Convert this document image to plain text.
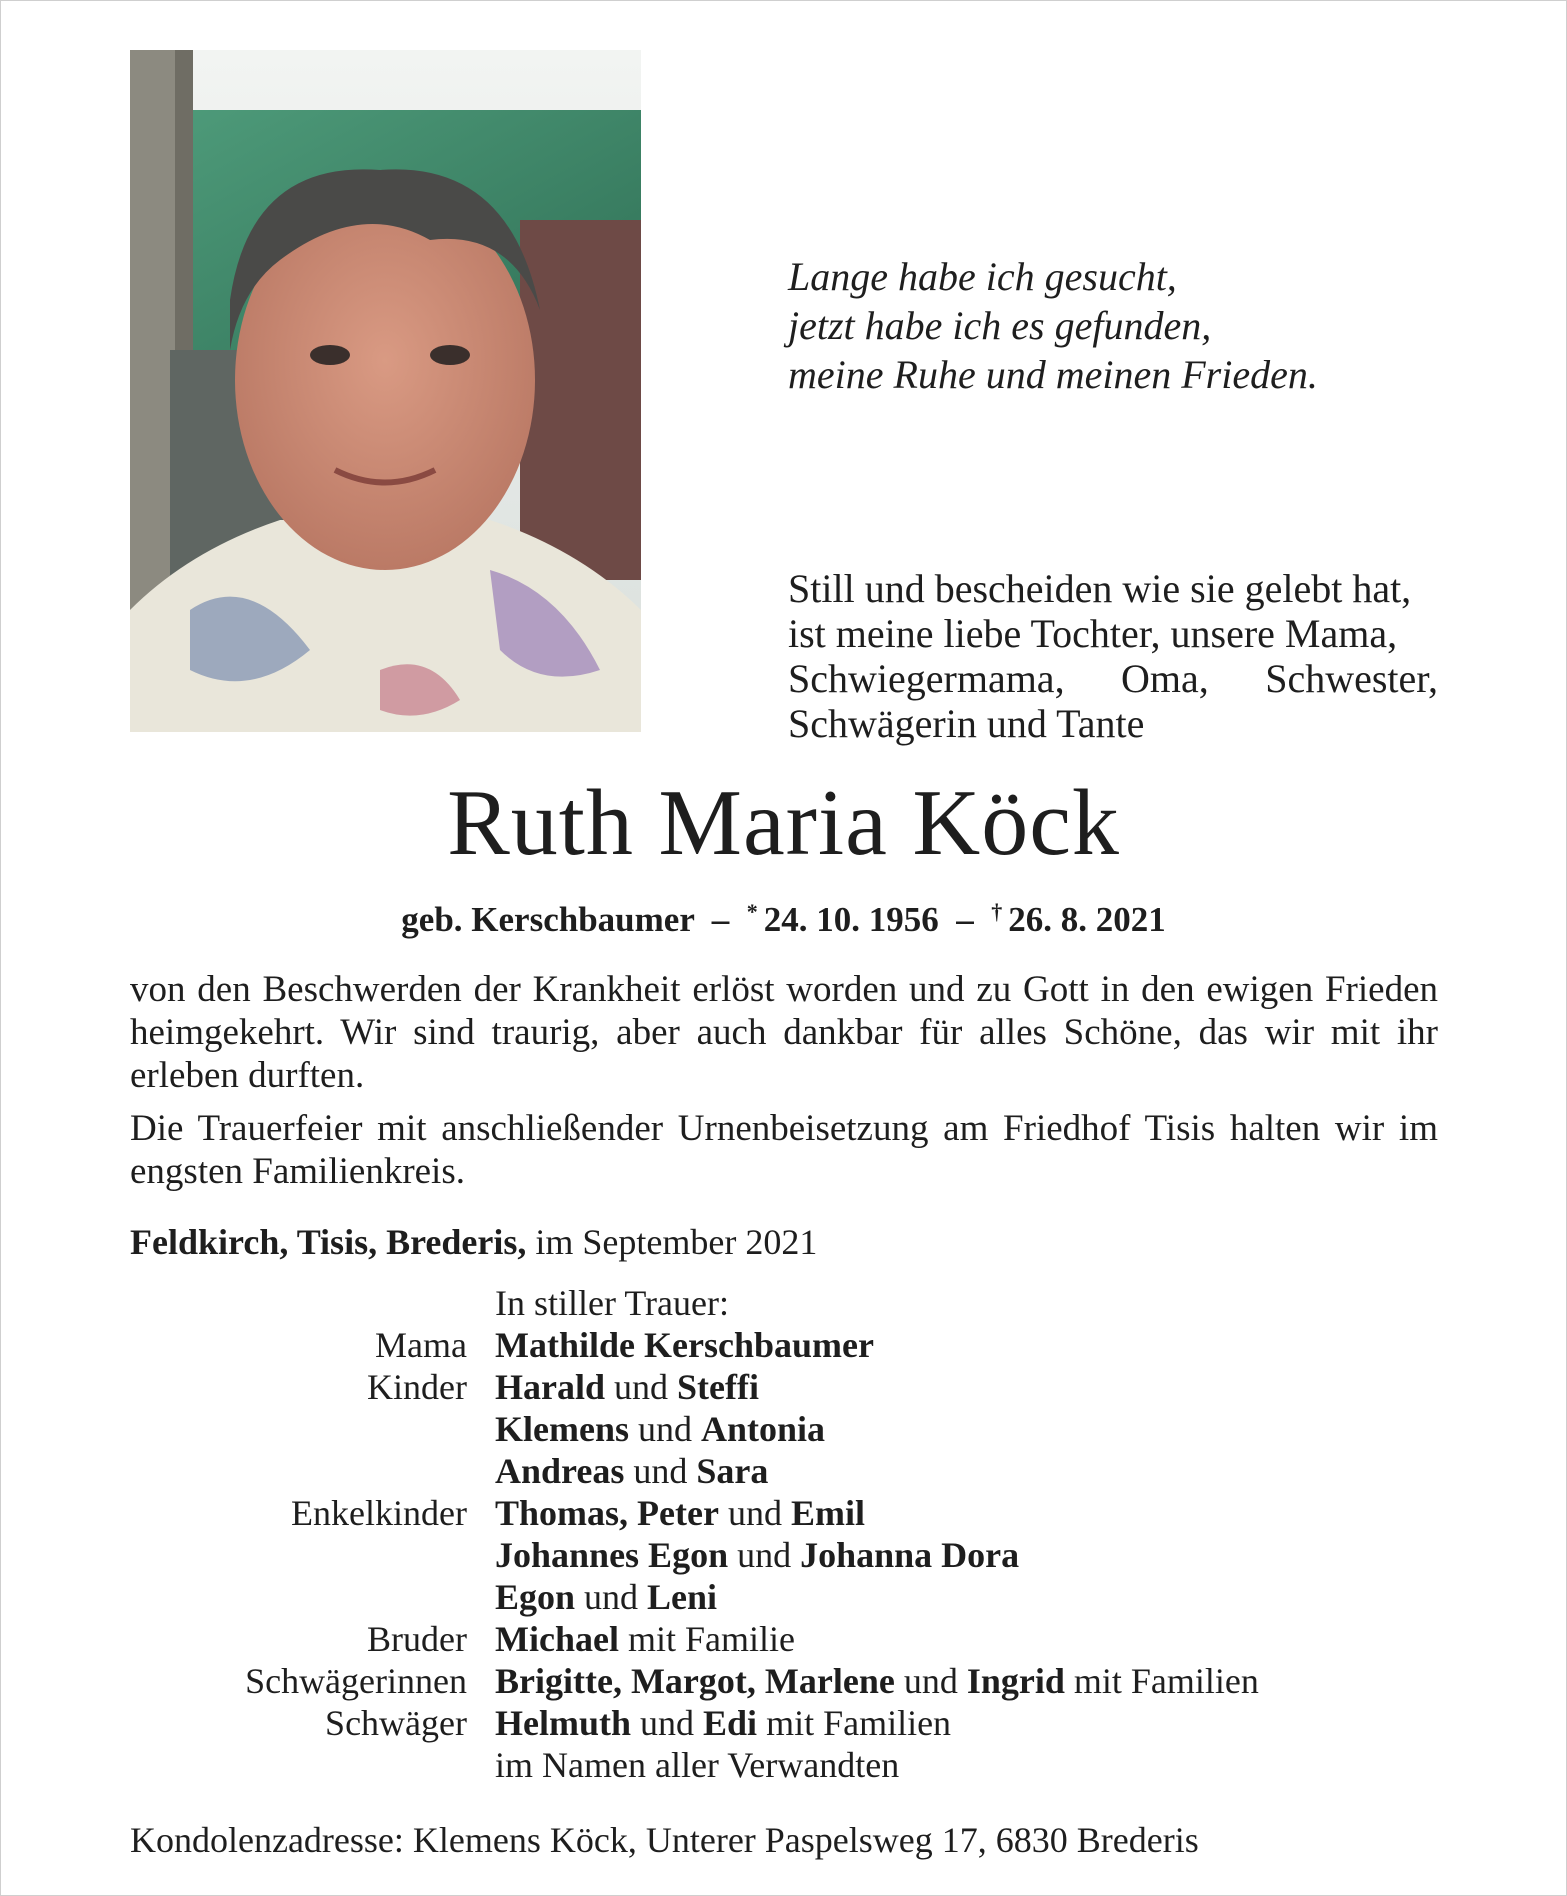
Lange habe ich gesucht,
jetzt habe ich es gefunden,
meine Ruhe und meinen Frieden.
Still und bescheiden wie sie gelebt hat,
ist meine liebe Tochter, unsere Mama,
Schwiegermama, Oma, Schwester,
Schwägerin und Tante
Ruth Maria Köck
geb. Kerschbaumer – * 24. 10. 1956 – † 26. 8. 2021

von den Beschwerden der Krankheit erlöst worden und zu Gott in den ewigen Frieden heimgekehrt. Wir sind traurig, aber auch dankbar für alles Schöne, das wir mit ihr erleben durften.

Die Trauerfeier mit anschließender Urnenbeisetzung am Friedhof Tisis halten wir im engsten Familienkreis.

Feldkirch, Tisis, Brederis, im September 2021
In stiller Trauer:
Mama Mathilde Kerschbaumer
Kinder Harald und Steffi
Klemens und Antonia
Andreas und Sara
Enkelkinder Thomas, Peter und Emil
Johannes Egon und Johanna Dora
Egon und Leni
Bruder Michael mit Familie
Schwägerinnen Brigitte, Margot, Marlene und Ingrid mit Familien
Schwäger Helmuth und Edi mit Familien
im Namen aller Verwandten
Kondolenzadresse: Klemens Köck, Unterer Paspelsweg 17, 6830 Brederis
